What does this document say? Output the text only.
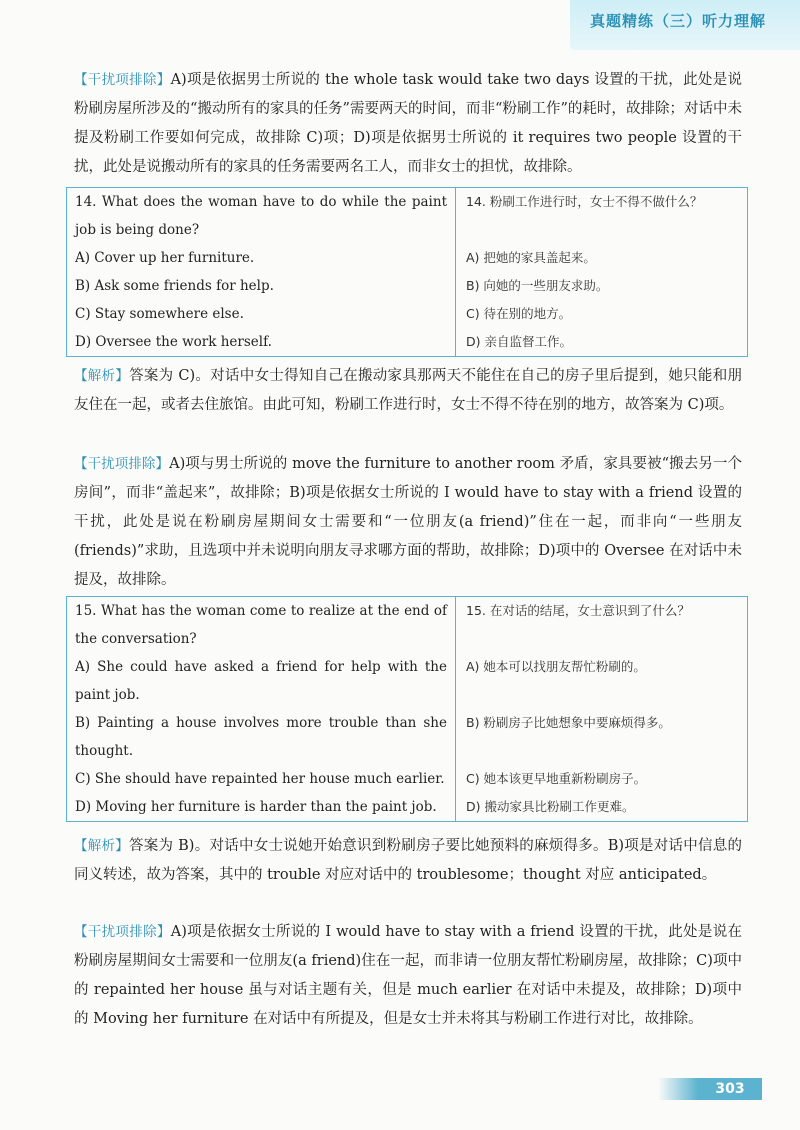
真题精练（三）听力理解
【干扰项排除】A)项是依据男士所说的 the whole task would take two days 设置的干扰，此处是说粉刷房屋所涉及的“搬动所有的家具的任务”需要两天的时间，而非“粉刷工作”的耗时，故排除；对话中未提及粉刷工作要如何完成，故排除 C)项；D)项是依据男士所说的 it requires two people 设置的干扰，此处是说搬动所有的家具的任务需要两名工人，而非女士的担忧，故排除。
14. What does the woman have to do while the paint job is being done?
A) Cover up her furniture.
B) Ask some friends for help.
C) Stay somewhere else.
D) Oversee the work herself.
14. 粉刷工作进行时，女士不得不做什么？
A) 把她的家具盖起来。
B) 向她的一些朋友求助。
C) 待在别的地方。
D) 亲自监督工作。
【解析】答案为 C)。对话中女士得知自己在搬动家具那两天不能住在自己的房子里后提到，她只能和朋友住在一起，或者去住旅馆。由此可知，粉刷工作进行时，女士不得不待在别的地方，故答案为 C)项。
【干扰项排除】A)项与男士所说的 move the furniture to another room 矛盾，家具要被“搬去另一个房间”，而非“盖起来”，故排除；B)项是依据女士所说的 I would have to stay with a friend 设置的干扰，此处是说在粉刷房屋期间女士需要和“一位朋友(a friend)”住在一起，而非向“一些朋友(friends)”求助，且选项中并未说明向朋友寻求哪方面的帮助，故排除；D)项中的 Oversee 在对话中未提及，故排除。
15. What has the woman come to realize at the end of the conversation?
A) She could have asked a friend for help with the paint job.
B) Painting a house involves more trouble than she thought.
C) She should have repainted her house much earlier.
D) Moving her furniture is harder than the paint job.
15. 在对话的结尾，女士意识到了什么？
A) 她本可以找朋友帮忙粉刷的。
B) 粉刷房子比她想象中要麻烦得多。
C) 她本该更早地重新粉刷房子。
D) 搬动家具比粉刷工作更难。
【解析】答案为 B)。对话中女士说她开始意识到粉刷房子要比她预料的麻烦得多。B)项是对话中信息的同义转述，故为答案，其中的 trouble 对应对话中的 troublesome；thought 对应 anticipated。
【干扰项排除】A)项是依据女士所说的 I would have to stay with a friend 设置的干扰，此处是说在粉刷房屋期间女士需要和一位朋友(a friend)住在一起，而非请一位朋友帮忙粉刷房屋，故排除；C)项中的 repainted her house 虽与对话主题有关，但是 much earlier 在对话中未提及，故排除；D)项中的 Moving her furniture 在对话中有所提及，但是女士并未将其与粉刷工作进行对比，故排除。
303
